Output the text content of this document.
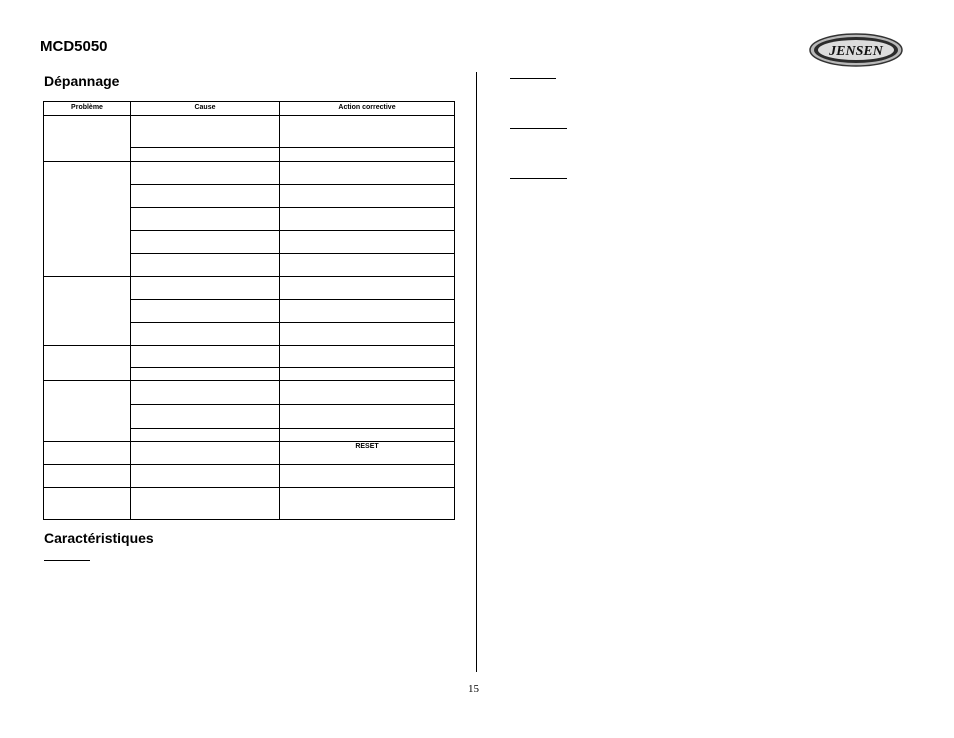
MCD5050	JENSEN
Dépannage
Problème	Cause	Action corrective

		RESET

Caractéristiques
15
